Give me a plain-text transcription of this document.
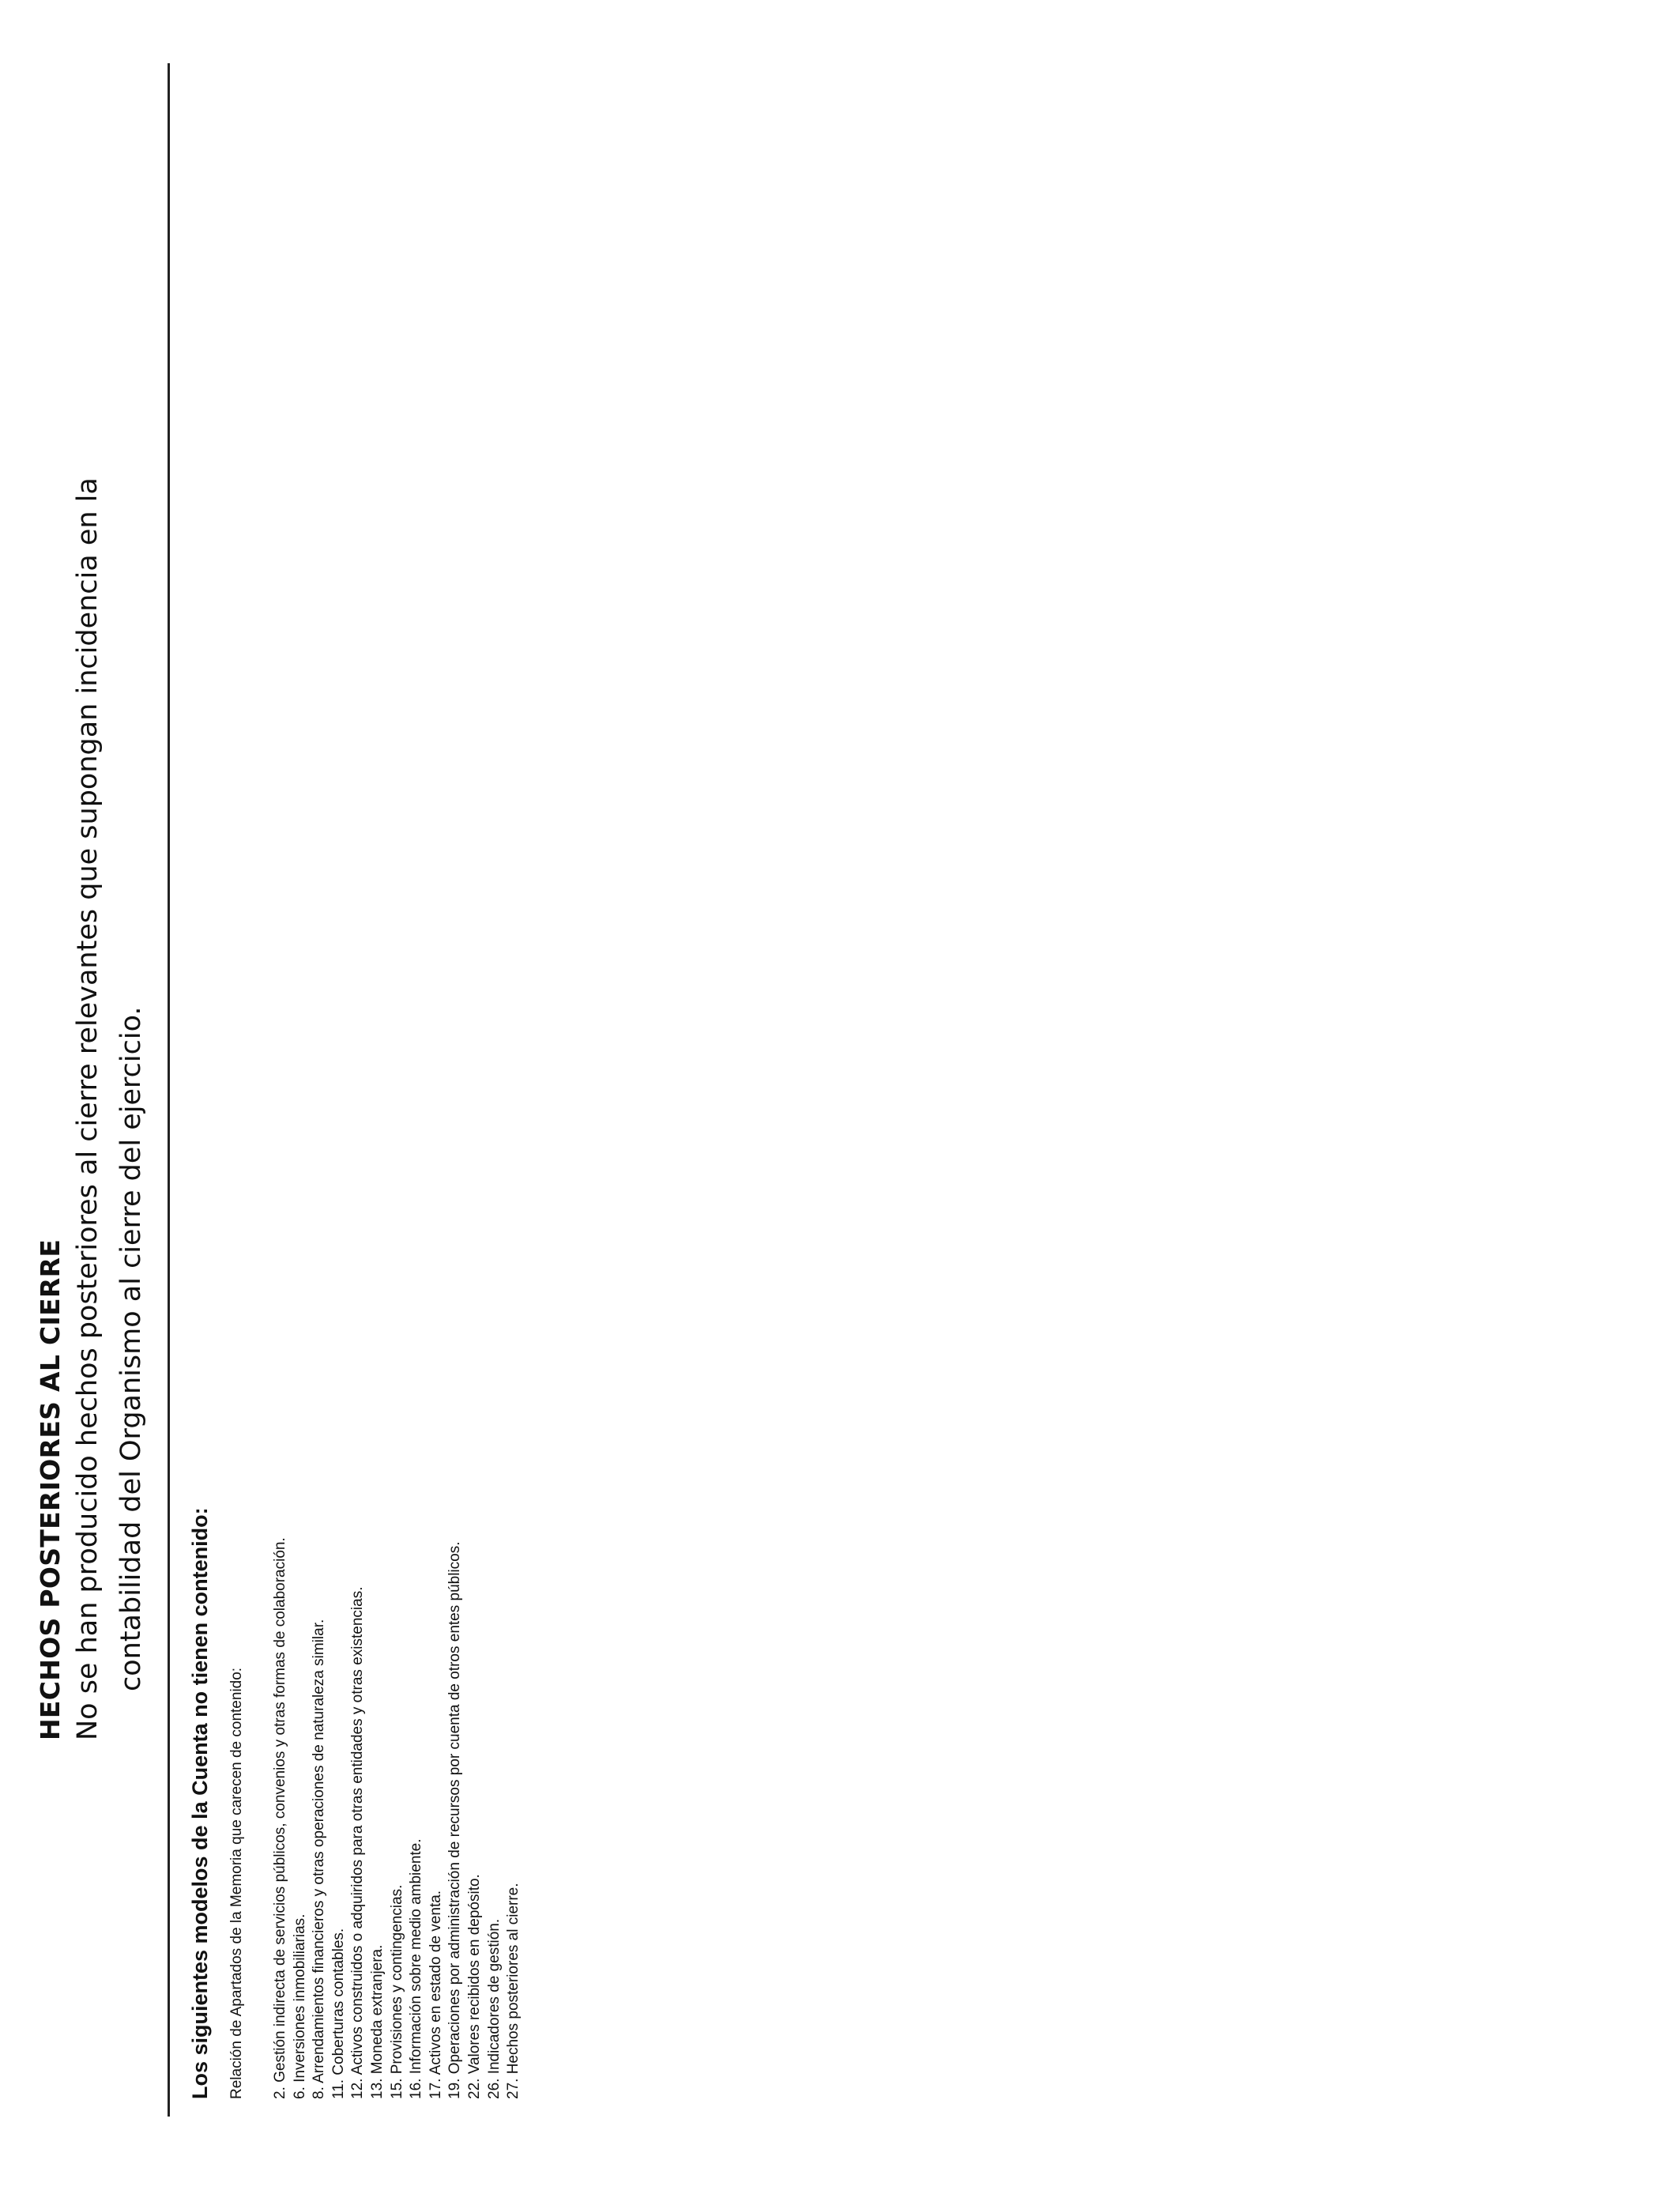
HECHOS POSTERIORES AL CIERRE No se han producido hechos posteriores al cierre relevantes que supongan incidencia en la contabilidad del Organismo al cierre del ejercicio.

Los siguientes modelos de la Cuenta no tienen contenido: Relación de Apartados de la Memoria que carecen de contenido: 2. Gestión indirecta de servicios públicos, convenios y otras formas de colaboración. 6. Inversiones inmobiliarias. 8. Arrendamientos financieros y otras operaciones de naturaleza similar. 11. Coberturas contables. 12. Activos construidos o adquiridos para otras entidades y otras existencias. 13. Moneda extranjera. 15. Provisiones y contingencias. 16. Información sobre medio ambiente. 17. Activos en estado de venta. 19. Operaciones por administración de recursos por cuenta de otros entes públicos. 22. Valores recibidos en depósito. 26. Indicadores de gestión. 27. Hechos posteriores al cierre.
